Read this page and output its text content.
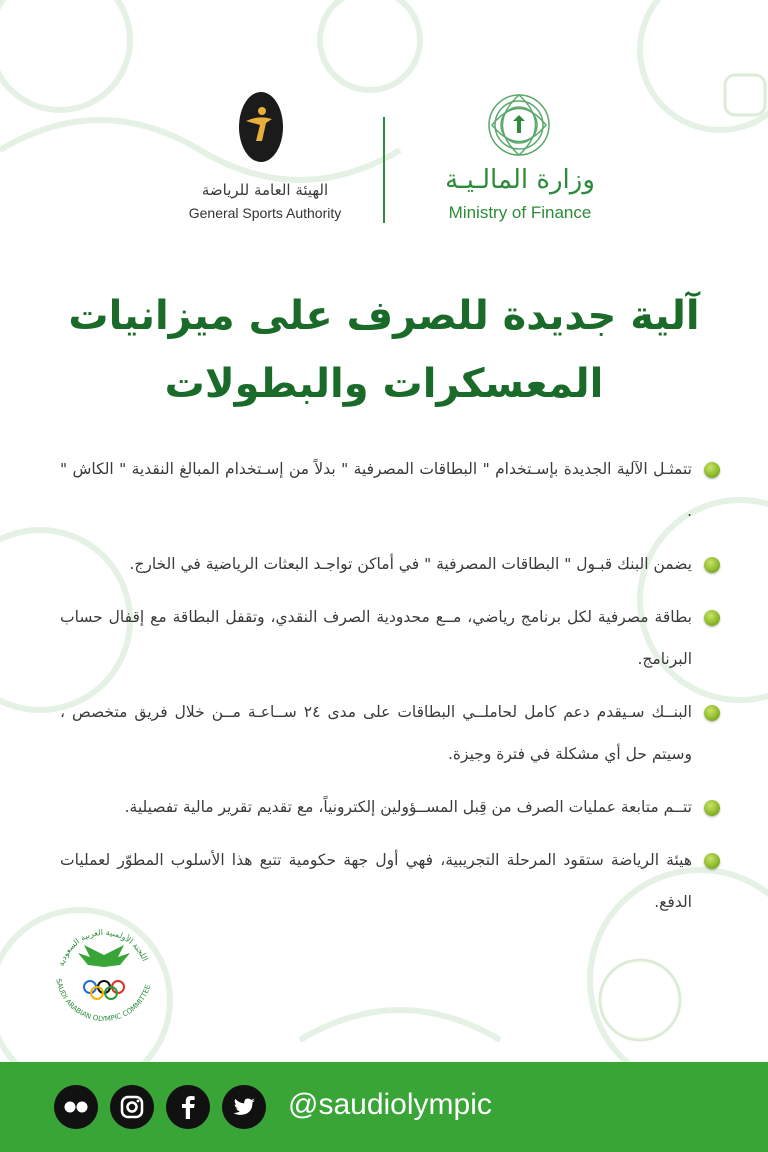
الهيئة العامة للرياضة
General Sports Authority
وزارة المالـيـة
Ministry of Finance
آلية جديدة للصرف على ميزانيات
المعسكرات والبطولات
تتمثـل الآلية الجديدة بإسـتخدام " البطاقات المصرفية " بدلاً من إسـتخدام المبالغ النقدية " الكاش " .
يضمن البنك قبـول " البطاقات المصرفية " في أماكن تواجـد البعثات الرياضية في الخارج.
بطاقة مصرفية لكل برنامج رياضي، مــع محدودية الصرف النقدي، وتقفل البطاقة مع إقفال حساب البرنامج.
البنــك سـيقدم دعم كامل لحاملــي البطاقات على مدى ٢٤ ســاعـة مــن خلال فريق متخصص ، وسيتم حل أي مشكلة في فترة وجيزة.
تتــم متابعة عمليات الصرف من قِبل المســؤولين إلكترونياً، مع تقديم تقرير مالية تفصيلية.
هيئة الرياضة ستقود المرحلة التجريبية، فهي أول جهة حكومية تتبع هذا الأسلوب المطوّر لعمليات الدفع.
اللجنة الأولمبية العربية السعودية
SAUDI ARABIAN OLYMPIC COMMITTEE
@saudiolympic
